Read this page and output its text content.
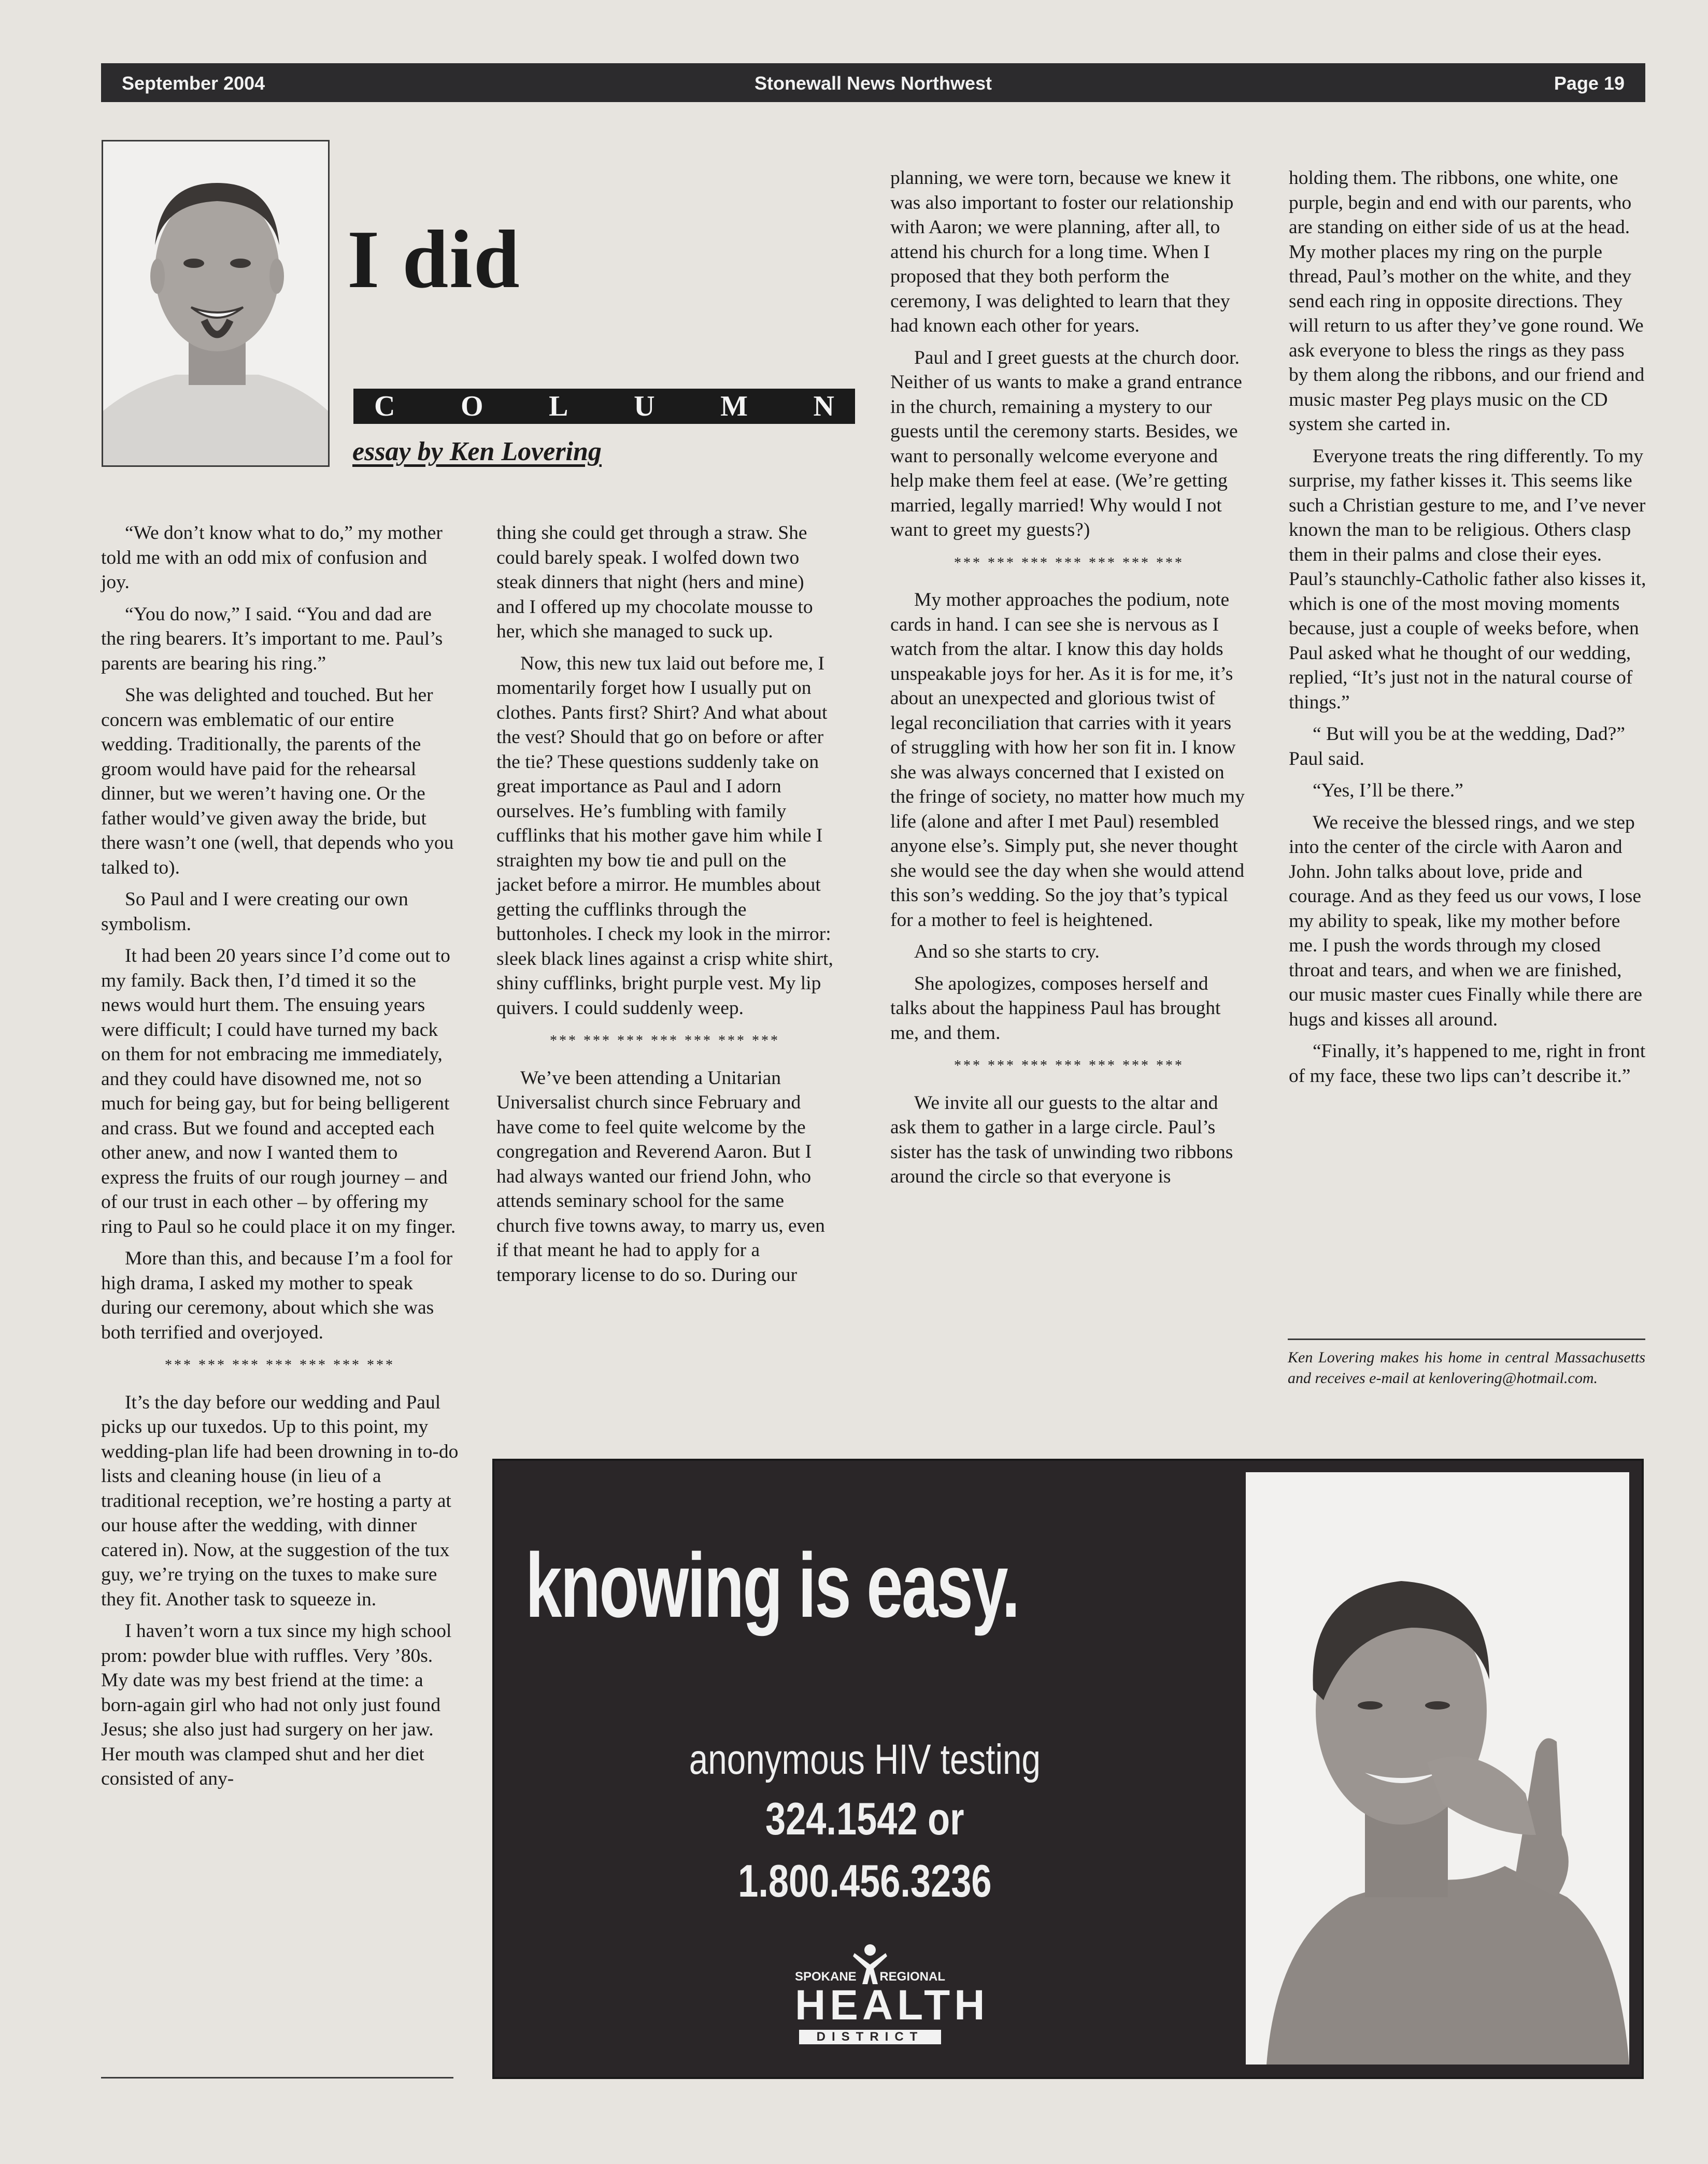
Stonewall News Northwest
September 2004	Page 19
I did
C O L U M N
essay by Ken Lovering

“We don’t know what to do,” my mother told me with an odd mix of confusion and joy.

“You do now,” I said. “You and dad are the ring bearers. It’s important to me. Paul’s parents are bearing his ring.”

She was delighted and touched. But her concern was emblematic of our entire wedding. Traditionally, the parents of the groom would have paid for the rehearsal dinner, but we weren’t having one. Or the father would’ve given away the bride, but there wasn’t one (well, that depends who you talked to).

So Paul and I were creating our own symbolism.

It had been 20 years since I’d come out to my family. Back then, I’d timed it so the news would hurt them. The ensuing years were difficult; I could have turned my back on them for not embracing me immediately, and they could have disowned me, not so much for being gay, but for being belligerent and crass. But we found and accepted each other anew, and now I wanted them to express the fruits of our rough journey – and of our trust in each other – by offering my ring to Paul so he could place it on my finger.

More than this, and because I’m a fool for high drama, I asked my mother to speak during our ceremony, about which she was both terrified and overjoyed.

*** *** *** *** *** *** ***

It’s the day before our wedding and Paul picks up our tuxedos. Up to this point, my wedding-plan life had been drowning in to-do lists and cleaning house (in lieu of a traditional reception, we’re hosting a party at our house after the wedding, with dinner catered in). Now, at the suggestion of the tux guy, we’re trying on the tuxes to make sure they fit. Another task to squeeze in.

I haven’t worn a tux since my high school prom: powder blue with ruffles. Very ’80s. My date was my best friend at the time: a born-again girl who had not only just found Jesus; she also just had surgery on her jaw. Her mouth was clamped shut and her diet consisted of any-

thing she could get through a straw. She could barely speak. I wolfed down two steak dinners that night (hers and mine) and I offered up my chocolate mousse to her, which she managed to suck up.

Now, this new tux laid out before me, I momentarily forget how I usually put on clothes. Pants first? Shirt? And what about the vest? Should that go on before or after the tie? These questions suddenly take on great importance as Paul and I adorn ourselves. He’s fumbling with family cufflinks that his mother gave him while I straighten my bow tie and pull on the jacket before a mirror. He mumbles about getting the cufflinks through the buttonholes. I check my look in the mirror: sleek black lines against a crisp white shirt, shiny cufflinks, bright purple vest. My lip quivers. I could suddenly weep.

*** *** *** *** *** *** ***

We’ve been attending a Unitarian Universalist church since February and have come to feel quite welcome by the congregation and Reverend Aaron. But I had always wanted our friend John, who attends seminary school for the same church five towns away, to marry us, even if that meant he had to apply for a temporary license to do so. During our

planning, we were torn, because we knew it was also important to foster our relationship with Aaron; we were planning, after all, to attend his church for a long time. When I proposed that they both perform the ceremony, I was delighted to learn that they had known each other for years.

Paul and I greet guests at the church door. Neither of us wants to make a grand entrance in the church, remaining a mystery to our guests until the ceremony starts. Besides, we want to personally welcome everyone and help make them feel at ease. (We’re getting married, legally married! Why would I not want to greet my guests?)

*** *** *** *** *** *** ***

My mother approaches the podium, note cards in hand. I can see she is nervous as I watch from the altar. I know this day holds unspeakable joys for her. As it is for me, it’s about an unexpected and glorious twist of legal reconciliation that carries with it years of struggling with how her son fit in. I know she was always concerned that I existed on the fringe of society, no matter how much my life (alone and after I met Paul) resembled anyone else’s. Simply put, she never thought she would see the day when she would attend this son’s wedding. So the joy that’s typical for a mother to feel is heightened.

And so she starts to cry.

She apologizes, composes herself and talks about the happiness Paul has brought me, and them.

*** *** *** *** *** *** ***

We invite all our guests to the altar and ask them to gather in a large circle. Paul’s sister has the task of unwinding two ribbons around the circle so that everyone is

holding them. The ribbons, one white, one purple, begin and end with our parents, who are standing on either side of us at the head. My mother places my ring on the purple thread, Paul’s mother on the white, and they send each ring in opposite directions. They will return to us after they’ve gone round. We ask everyone to bless the rings as they pass by them along the ribbons, and our friend and music master Peg plays music on the CD system she carted in.

Everyone treats the ring differently. To my surprise, my father kisses it. This seems like such a Christian gesture to me, and I’ve never known the man to be religious. Others clasp them in their palms and close their eyes. Paul’s staunchly-Catholic father also kisses it, which is one of the most moving moments because, just a couple of weeks before, when Paul asked what he thought of our wedding, replied, “It’s just not in the natural course of things.”

“ But will you be at the wedding, Dad?” Paul said.

“Yes, I’ll be there.”

We receive the blessed rings, and we step into the center of the circle with Aaron and John. John talks about love, pride and courage. And as they feed us our vows, I lose my ability to speak, like my mother before me. I push the words through my closed throat and tears, and when we are finished, our music master cues Finally while there are hugs and kisses all around.

“Finally, it’s happened to me, right in front of my face, these two lips can’t describe it.”

Ken Lovering makes his home in central Massachusetts and receives e-mail at kenlovering@hotmail.com.
knowing is easy.
anonymous HIV testing
324.1542 or
1.800.456.3236
SPOKANE REGIONAL
HEALTH
DISTRICT
